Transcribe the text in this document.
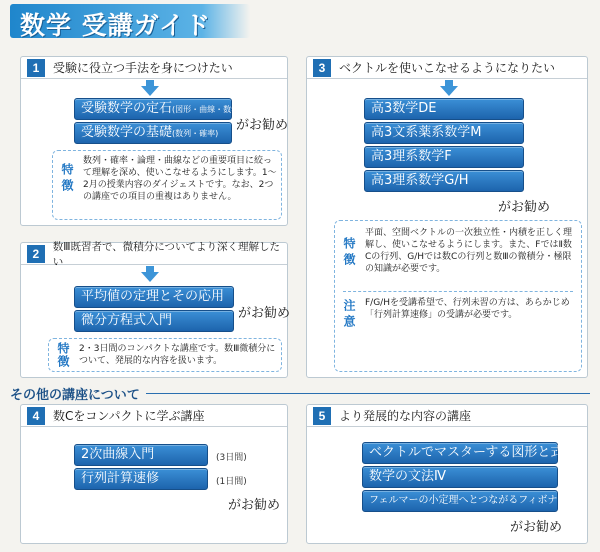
数学 受講ガイド
1	受験に役立つ手法を身につけたい
受験数学の定石(図形・曲線・数学)
受験数学の基礎(数列・確率)
がお勧め
特徴
数列・確率・論理・曲線などの重要項目に絞って理解を深め、使いこなせるようにします。1～2月の授業内容のダイジェストです。なお、2つの講座での項目の重複はありません。
2	数Ⅲ既習者で、微積分についてより深く理解したい
平均値の定理とその応用
微分方程式入門	がお勧め
特徴 2・3日間のコンパクトな講座です。数Ⅲ微積分について、発展的な内容を扱います。
3	ベクトルを使いこなせるようになりたい
高3数学DE
高3文系薬系数学M
高3理系数学F
高3理系数学G/H
がお勧め
特徴
平面、空間ベクトルの一次独立性・内積を正しく理解し、使いこなせるようにします。また、FではⅡ数Cの行列、G/Hでは数Cの行列と数Ⅲの微積分・極限の知識が必要です。
注意 F/G/Hを受講希望で、行列未習の方は、あらかじめ「行列計算速修」の受講が必要です。
その他の講座について
4	数Cをコンパクトに学ぶ講座
2次曲線入門	(3日間)
行列計算速修	(1日間)
がお勧め
5	より発展的な内容の講座
ベクトルでマスターする図形と式
数学の文法Ⅳ
フェルマーの小定理へとつながるフィボナッチ
がお勧め
